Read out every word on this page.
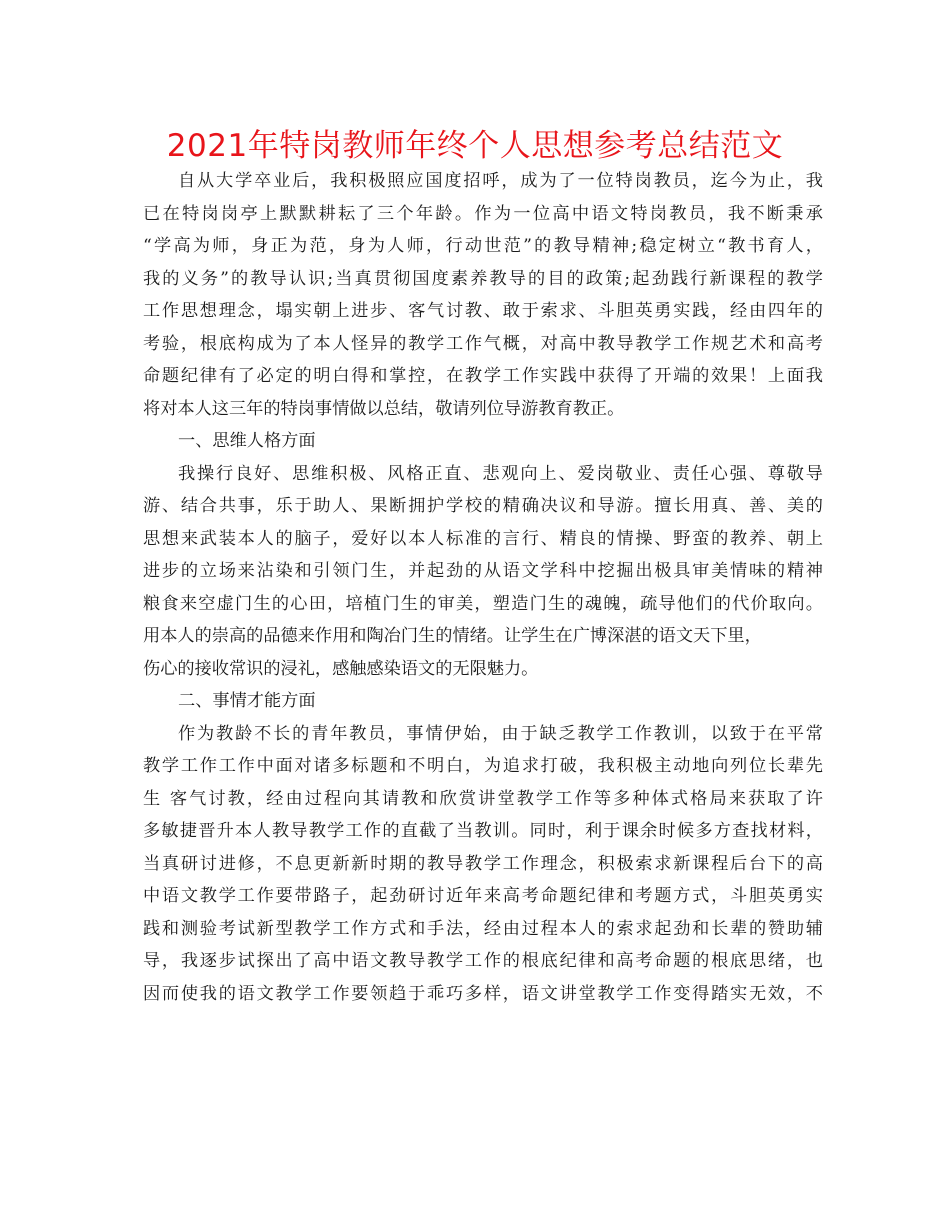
2021年特岗教师年终个人思想参考总结范文
自从大学卒业后，我积极照应国度招呼，成为了一位特岗教员，迄今为止，我
已在特岗岗亭上默默耕耘了三个年龄。作为一位高中语文特岗教员，我不断秉承
“学高为师，身正为范，身为人师，行动世范”的教导精神;稳定树立“教书育人，
我的义务”的教导认识;当真贯彻国度素养教导的目的政策;起劲践行新课程的教学
工作思想理念，塌实朝上进步、客气讨教、敢于索求、斗胆英勇实践，经由四年的
考验，根底构成为了本人怪异的教学工作气概，对高中教导教学工作规艺术和高考
命题纪律有了必定的明白得和掌控，在教学工作实践中获得了开端的效果！上面我
将对本人这三年的特岗事情做以总结，敬请列位导游教育教正。
一、思维人格方面
我操行良好、思维积极、风格正直、悲观向上、爱岗敬业、责任心强、尊敬导
游、结合共事，乐于助人、果断拥护学校的精确决议和导游。擅长用真、善、美的
思想来武装本人的脑子，爱好以本人标准的言行、精良的情操、野蛮的教养、朝上
进步的立场来沾染和引领门生，并起劲的从语文学科中挖掘出极具审美情味的精神
粮食来空虚门生的心田，培植门生的审美，塑造门生的魂魄，疏导他们的代价取向。
用本人的崇高的品德来作用和陶冶门生的情绪。让学生在广博深湛的语文天下里，
伤心的接收常识的浸礼，感触感染语文的无限魅力。
二、事情才能方面
作为教龄不长的青年教员，事情伊始，由于缺乏教学工作教训，以致于在平常
教学工作工作中面对诸多标题和不明白，为追求打破，我积极主动地向列位长辈先
生 客气讨教，经由过程向其请教和欣赏讲堂教学工作等多种体式格局来获取了许
多敏捷晋升本人教导教学工作的直截了当教训。同时，利于课余时候多方查找材料，
当真研讨进修，不息更新新时期的教导教学工作理念，积极索求新课程后台下的高
中语文教学工作要带路子，起劲研讨近年来高考命题纪律和考题方式，斗胆英勇实
践和测验考试新型教学工作方式和手法，经由过程本人的索求起劲和长辈的赞助辅
导，我逐步试探出了高中语文教导教学工作的根底纪律和高考命题的根底思绪，也
因而使我的语文教学工作要领趋于乖巧多样，语文讲堂教学工作变得踏实无效，不
